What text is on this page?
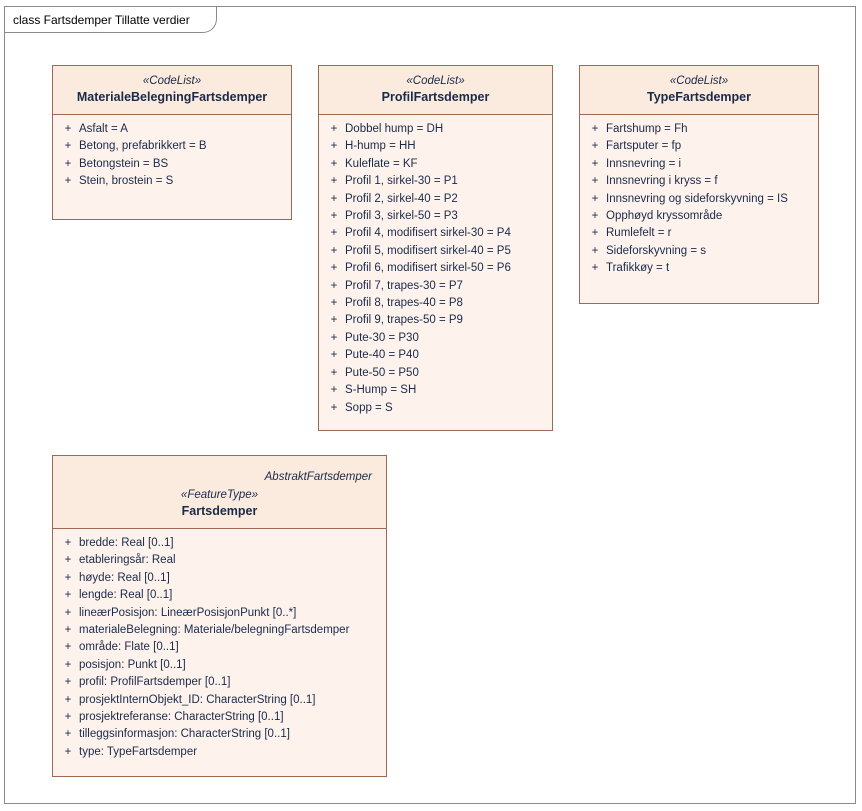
class Fartsdemper Tillatte verdier
«CodeList»
MaterialeBelegningFartsdemper
+ Asfalt = A
+ Betong, prefabrikkert = B
+ Betongstein = BS
+ Stein, brostein = S
«CodeList»
ProfilFartsdemper
+ Dobbel hump = DH
+ H-hump = HH
+ Kuleflate = KF
+ Profil 1, sirkel-30 = P1
+ Profil 2, sirkel-40 = P2
+ Profil 3, sirkel-50 = P3
+ Profil 4, modifisert sirkel-30 = P4
+ Profil 5, modifisert sirkel-40 = P5
+ Profil 6, modifisert sirkel-50 = P6
+ Profil 7, trapes-30 = P7
+ Profil 8, trapes-40 = P8
+ Profil 9, trapes-50 = P9
+ Pute-30 = P30
+ Pute-40 = P40
+ Pute-50 = P50
+ S-Hump = SH
+ Sopp = S
«CodeList»
TypeFartsdemper
+ Fartshump = Fh
+ Fartsputer = fp
+ Innsnevring = i
+ Innsnevring i kryss = f
+ Innsnevring og sideforskyvning = IS
+ Opphøyd kryssområde
+ Rumlefelt = r
+ Sideforskyvning = s
+ Trafikkøy = t
AbstraktFartsdemper
«FeatureType»
Fartsdemper
+ bredde: Real [0..1]
+ etableringsår: Real
+ høyde: Real [0..1]
+ lengde: Real [0..1]
+ lineærPosisjon: LineærPosisjonPunkt [0..*]
+ materialeBelegning: Materiale/belegningFartsdemper
+ område: Flate [0..1]
+ posisjon: Punkt [0..1]
+ profil: ProfilFartsdemper [0..1]
+ prosjektInternObjekt_ID: CharacterString [0..1]
+ prosjektreferanse: CharacterString [0..1]
+ tilleggsinformasjon: CharacterString [0..1]
+ type: TypeFartsdemper
